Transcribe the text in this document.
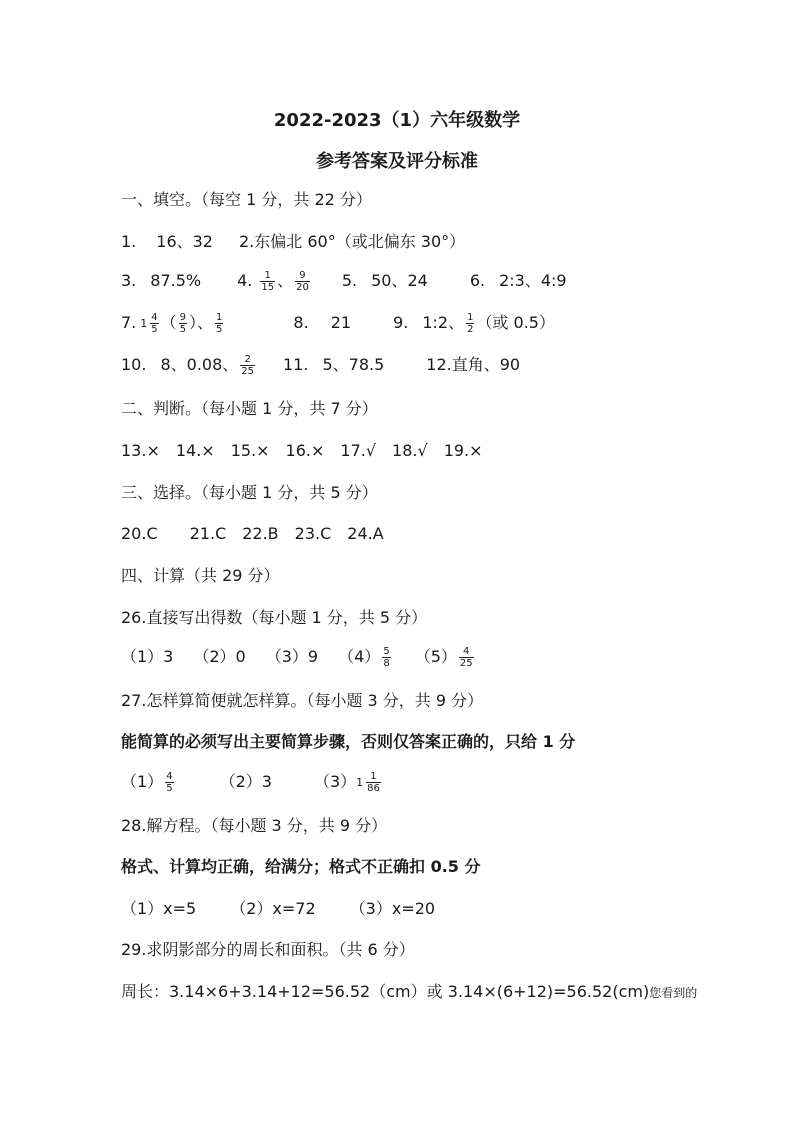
2022-2023（1）六年级数学
参考答案及评分标准
一、填空。（每空 1 分，共 22 分）
1. 16、32 2.东偏北 60°（或北偏东 30°）
3. 87.5% 4. $\frac{1}{15}$ 、 $\frac{9}{20} 5$. 50、24	6. 2:3、4:9
7. $1 \frac{4}{5}$ （ $\frac{9}{5}$ ）、 $\frac{1}{5}$	8. 21	9. 1:2、 $\frac{1}{2}$ （或 0.5）
10. 8、0.08、 $\frac{2}{25} 11$. 5、78.5	12.直角、90
二、判断。（每小题 1 分，共 7 分）
13.×　14.×　15.×　16.×　17.√　18.√　19.×
三、选择。（每小题 1 分，共 5 分）
20.C　　21.C　22.B　23.C　24.A
四、计算（共 29 分）
26.直接写出得数（每小题 1 分，共 5 分）
（1）3 （2）0 （3）9 $(4) \frac{5}{8} (5) \frac{4}{25}$
27.怎样算简便就怎样算。（每小题 3 分，共 9 分）
能简算的必须写出主要简算步骤，否则仅答案正确的，只给 1 分
$(1) \frac{4}{5}$	（2）3	（3） $1 \frac{1}{86}$
28.解方程。（每小题 3 分，共 9 分）
格式、计算均正确，给满分；格式不正确扣 0.5 分
（1）x=5 （2）x=72 （3）x=20
29.求阴影部分的周长和面积。（共 6 分）
周长：3.14×6+3.14+12=56.52（cm）或 3.14×(6+12)=56.52(cm)您看到的
